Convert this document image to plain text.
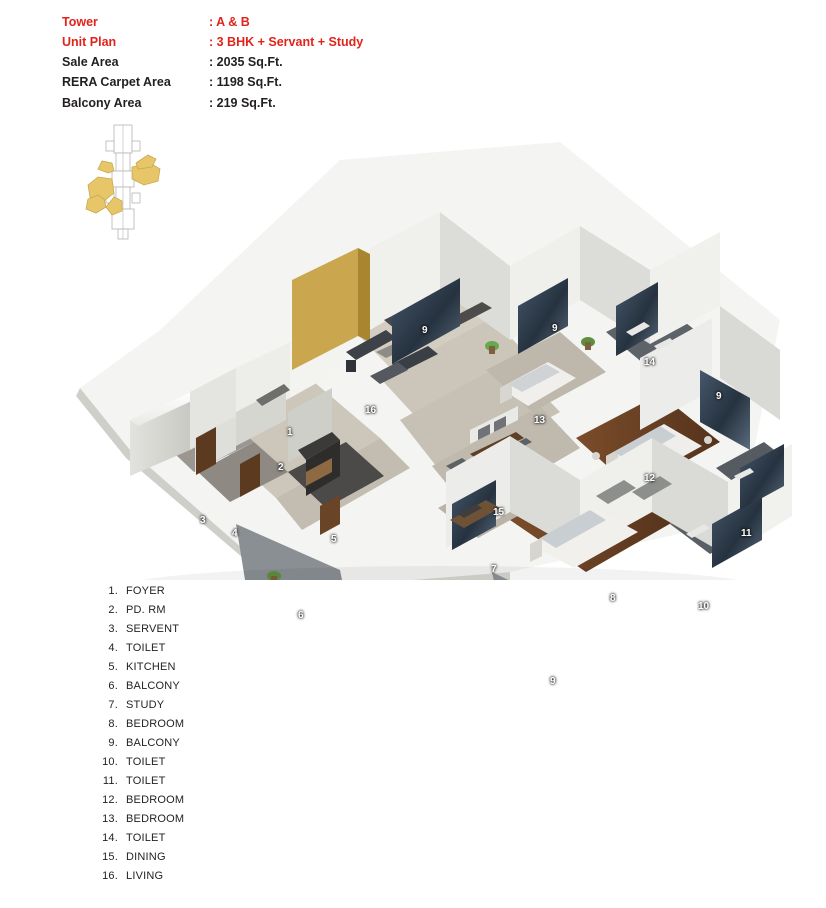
Tower	: A & B
Unit Plan	: 3 BHK + Servant + Study
Sale Area	: 2035 Sq.Ft.
RERA Carpet Area	: 1198 Sq.Ft.
Balcony Area	: 219 Sq.Ft.
1
2
3
4
5
6
7
8
9	9
9
9
10
11
12
13
14
15
16
1. FOYER
2. PD. RM
3. SERVENT
4. TOILET
5. KITCHEN
6. BALCONY
7. STUDY
8. BEDROOM
9. BALCONY
10. TOILET
11. TOILET
12. BEDROOM
13. BEDROOM
14. TOILET
15. DINING
16. LIVING
